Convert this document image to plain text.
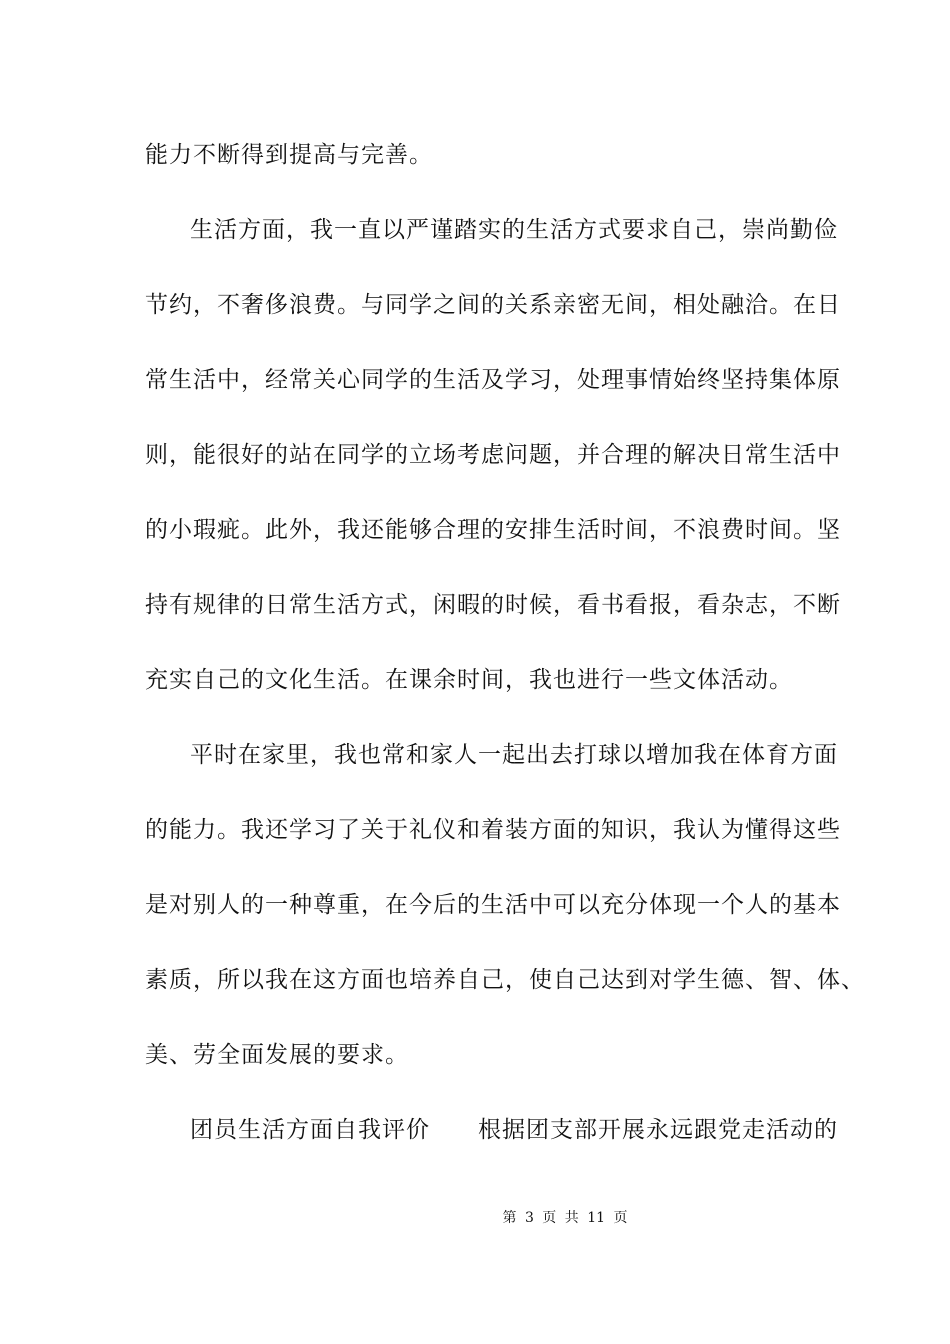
能力不断得到提高与完善。
生活方面，我一直以严谨踏实的生活方式要求自己，崇尚勤俭
节约，不奢侈浪费。与同学之间的关系亲密无间，相处融洽。在日
常生活中，经常关心同学的生活及学习，处理事情始终坚持集体原
则，能很好的站在同学的立场考虑问题，并合理的解决日常生活中
的小瑕疵。此外，我还能够合理的安排生活时间，不浪费时间。坚
持有规律的日常生活方式，闲暇的时候，看书看报，看杂志，不断
充实自己的文化生活。在课余时间，我也进行一些文体活动。
平时在家里，我也常和家人一起出去打球以增加我在体育方面
的能力。我还学习了关于礼仪和着装方面的知识，我认为懂得这些
是对别人的一种尊重，在今后的生活中可以充分体现一个人的基本
素质，所以我在这方面也培养自己，使自己达到对学生德、智、体、
美、劳全面发展的要求。
团员生活方面自我评价　　根据团支部开展永远跟党走活动的
第 3 页 共 11 页
